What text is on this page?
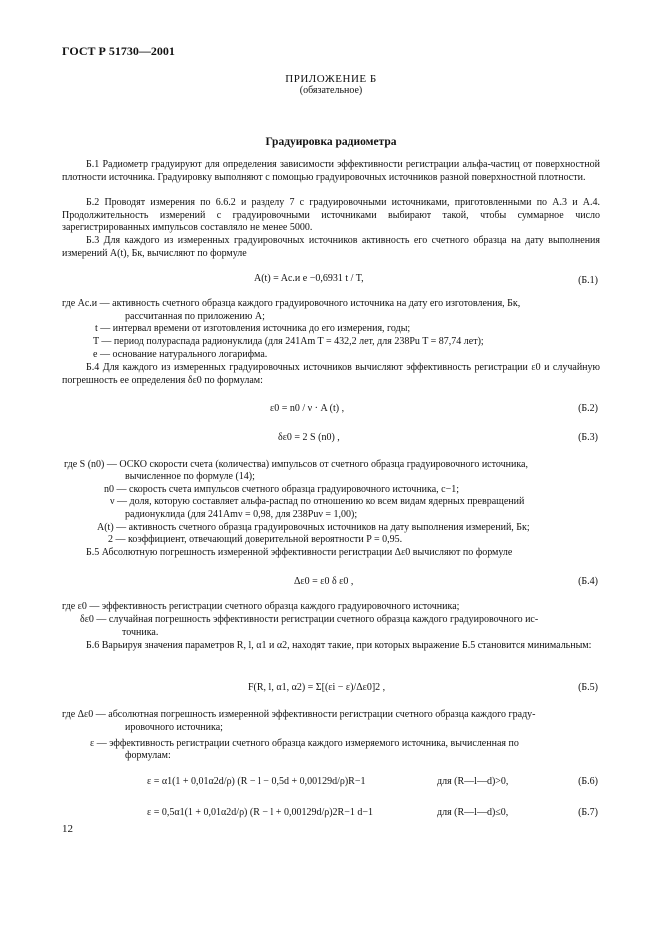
ГОСТ Р 51730—2001
ПРИЛОЖЕНИЕ Б
(обязательное)
Градуировка радиометра
Б.1 Радиометр градуируют для определения зависимости эффективности регистрации альфа-частиц от поверхностной плотности источника. Градуировку выполняют с помощью градуировочных источников разной поверхностной плотности.
Б.2 Проводят измерения по 6.6.2 и разделу 7 с градуировочными источниками, приготовленными по А.3 и А.4. Продолжительность измерений с градуировочными источниками выбирают такой, чтобы суммарное число зарегистрированных импульсов составляло не менее 5000.
Б.3 Для каждого из измеренных градуировочных источников активность его счетного образца на дату выполнения измерений A(t), Бк, вычисляют по формуле
A(t) = Aс.и e −0,6931 t / T,	(Б.1)
где Aс.и — активность счетного образца каждого градуировочного источника на дату его изготовления, Бк,
рассчитанная по приложению А;
t — интервал времени от изготовления источника до его измерения, годы;
T — период полураспада радионуклида (для 241Am T = 432,2 лет, для 238Pu T = 87,74 лет);
e — основание натурального логарифма.
Б.4 Для каждого из измеренных градуировочных источников вычисляют эффективность регистрации ε0 и случайную погрешность ее определения δε0 по формулам:
ε0 = n0 / ν · A (t) ,	(Б.2)
δε0 = 2 S (n0) ,	(Б.3)
где S (n0) — ОСКО скорости счета (количества) импульсов от счетного образца градуировочного источника,
вычисленное по формуле (14);
n0 — скорость счета импульсов счетного образца градуировочного источника, с−1;
ν — доля, которую составляет альфа-распад по отношению ко всем видам ядерных превращений
радионуклида (для 241Amν = 0,98, для 238Puν = 1,00);
A(t) — активность счетного образца градуировочных источников на дату выполнения измерений, Бк;
2 — коэффициент, отвечающий доверительной вероятности P = 0,95.
Б.5 Абсолютную погрешность измеренной эффективности регистрации Δε0 вычисляют по формуле
Δε0 = ε0 δ ε0 ,	(Б.4)
где ε0 — эффективность регистрации счетного образца каждого градуировочного источника;
δε0 — случайная погрешность эффективности регистрации счетного образца каждого градуировочного ис-
точника.
Б.6 Варьируя значения параметров R, l, α1 и α2, находят такие, при которых выражение Б.5 становится минимальным:
F(R, l, α1, α2) = Σ[(εi − ε)/Δε0]2 ,	(Б.5)
где Δε0 — абсолютная погрешность измеренной эффективности регистрации счетного образца каждого граду-
ировочного источника;
ε — эффективность регистрации счетного образца каждого измеряемого источника, вычисленная по
формулам:
ε = α1(1 + 0,01α2d/ρ) (R − l − 0,5d + 0,00129d/ρ)R−1	для (R—l—d)>0,	(Б.6)
ε = 0,5α1(1 + 0,01α2d/ρ) (R − l + 0,00129d/ρ)2R−1 d−1	для (R—l—d)≤0,	(Б.7)
12
